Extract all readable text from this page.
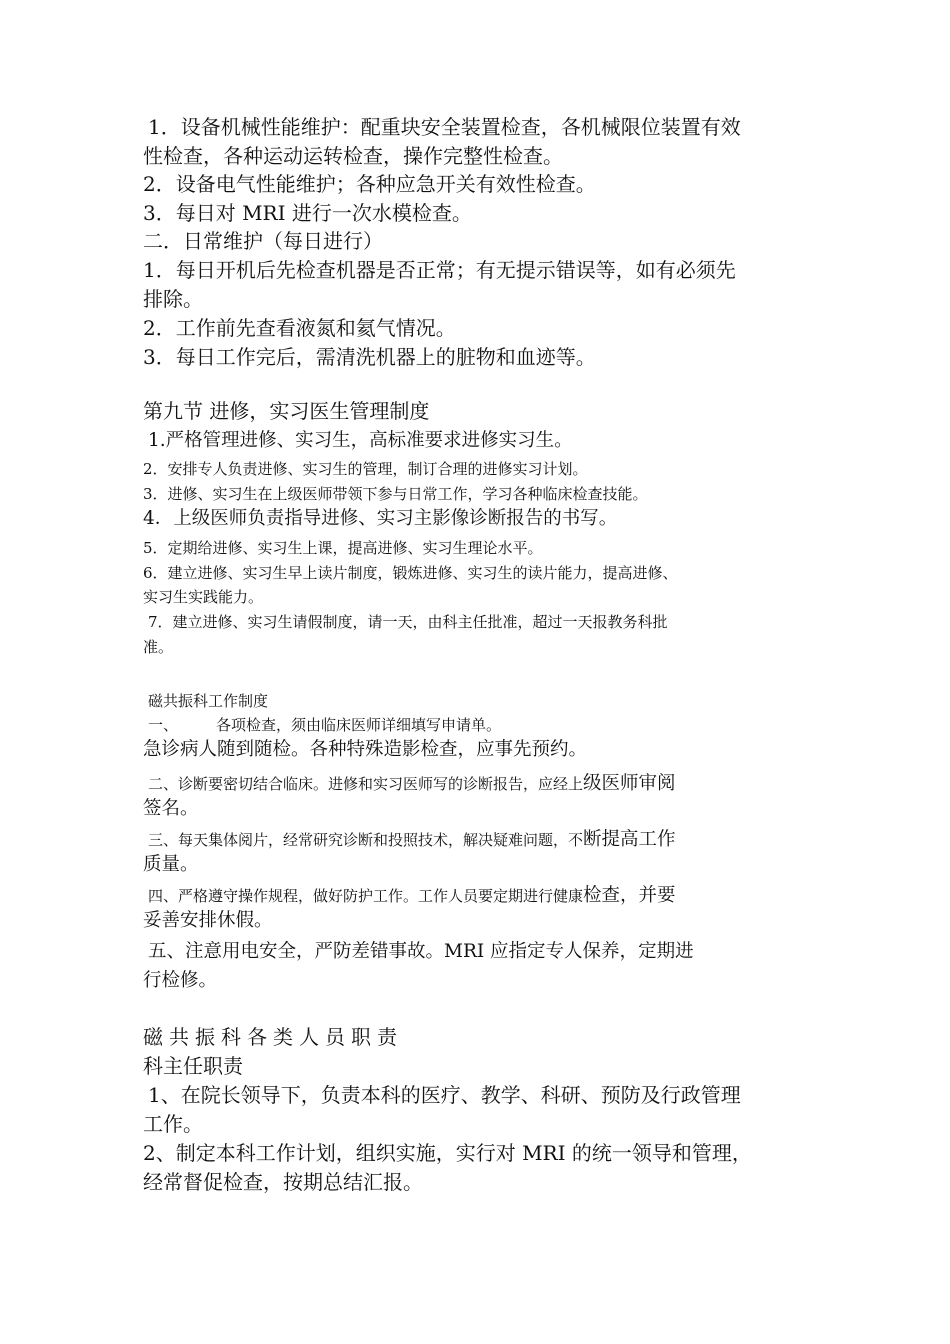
1．设备机械性能维护：配重块安全装置检查，各机械限位装置有效
性检查，各种运动运转检查，操作完整性检查。
2．设备电气性能维护；各种应急开关有效性检查。
3．每日对 MRI 进行一次水模检查。
二．日常维护（每日进行）
1．每日开机后先检查机器是否正常；有无提示错误等，如有必须先
排除。
2．工作前先查看液氮和氦气情况。
3．每日工作完后，需清洗机器上的脏物和血迹等。
第九节 进修，实习医生管理制度
1.严格管理进修、实习生，高标准要求进修实习生。
2．安排专人负责进修、实习生的管理，制订合理的进修实习计划。
3．进修、实习生在上级医师带领下参与日常工作，学习各种临床检查技能。
4．上级医师负责指导进修、实习主影像诊断报告的书写。
5．定期给进修、实习生上课，提高进修、实习生理论水平。
6．建立进修、实习生早上读片制度，锻炼进修、实习生的读片能力，提高进修、
实习生实践能力。
7．建立进修、实习生请假制度，请一天，由科主任批准，超过一天报教务科批
准。
磁共振科工作制度
一、	各项检查，须由临床医师详细填写申请单。
急诊病人随到随检。各种特殊造影检查，应事先预约。
二、诊断要密切结合临床。进修和实习医师写的诊断报告，应经上级医师审阅
签名。
三、每天集体阅片，经常研究诊断和投照技术，解决疑难问题，不断提高工作
质量。
四、严格遵守操作规程，做好防护工作。工作人员要定期进行健康检查，并要
妥善安排休假。
五、注意用电安全，严防差错事故。MRI 应指定专人保养，定期进
行检修。
磁共振科各类人员职责
科主任职责
1、在院长领导下，负责本科的医疗、教学、科研、预防及行政管理
工作。
2、制定本科工作计划，组织实施，实行对 MRI 的统一领导和管理，
经常督促检查，按期总结汇报。
